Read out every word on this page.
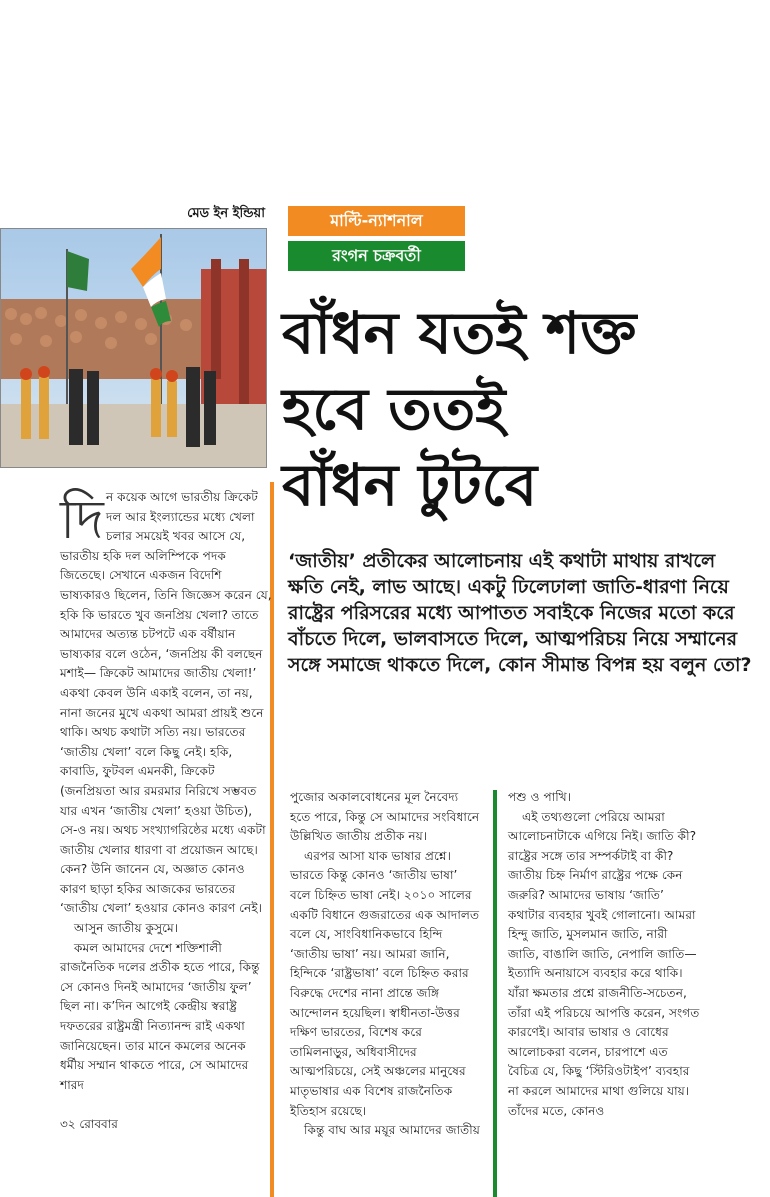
মেড ইন ইন্ডিয়া	মাল্টি-ন্যাশনাল
রংগন চক্রবর্তী
বাঁধন যতই শক্ত
হবে ততই
বাঁধন টুটবে

‘জাতীয়’ প্রতীকের আলোচনায় এই কথাটা মাথায় রাখলে ক্ষতি নেই, লাভ আছে। একটু ঢিলেঢালা জাতি-ধারণা নিয়ে রাষ্ট্রের পরিসরের মধ্যে আপাতত সবাইকে নিজের মতো করে বাঁচতে দিলে, ভালবাসতে দিলে, আত্মপরিচয় নিয়ে সম্মানের সঙ্গে সমাজে থাকতে দিলে, কোন সীমান্ত বিপন্ন হয় বলুন তো?

দি ন কয়েক আগে ভারতীয় ক্রিকেট দল আর ইংল্যান্ডের মধ্যে খেলা চলার সময়েই খবর আসে যে, ভারতীয় হকি দল অলিম্পিকে পদক জিতেছে। সেখানে একজন বিদেশি ভাষ্যকারও ছিলেন, তিনি জিজ্ঞেস করেন যে, হকি কি ভারতে খুব জনপ্রিয় খেলা? তাতে আমাদের অত্যন্ত চটপটে এক বর্ষীয়ান ভাষ্যকার বলে ওঠেন, ‘জনপ্রিয় কী বলছেন মশাই— ক্রিকেট আমাদের জাতীয় খেলা!’ একথা কেবল উনি একাই বলেন, তা নয়, নানা জনের মুখে একথা আমরা প্রায়ই শুনে থাকি। অথচ কথাটা সত্যি নয়। ভারতের ‘জাতীয় খেলা’ বলে কিছু নেই। হকি, কাবাডি, ফুটবল এমনকী, ক্রিকেট (জনপ্রিয়তা আর রমরমার নিরিখে সম্ভবত যার এখন ‘জাতীয় খেলা’ হওয়া উচিত), সে-ও নয়। অথচ সংখ্যাগরিষ্ঠের মধ্যে একটা জাতীয় খেলার ধারণা বা প্রয়োজন আছে। কেন? উনি জানেন যে, অজ্ঞাত কোনও কারণ ছাড়া হকির আজকের ভারতের ‘জাতীয় খেলা’ হওয়ার কোনও কারণ নেই।

আসুন জাতীয় কুসুমে।

কমল আমাদের দেশে শক্তিশালী রাজনৈতিক দলের প্রতীক হতে পারে, কিন্তু সে কোনও দিনই আমাদের ‘জাতীয় ফুল’ ছিল না। ক’দিন আগেই কেন্দ্রীয় স্বরাষ্ট্র দফতরের রাষ্ট্রমন্ত্রী নিত্যানন্দ রাই একথা জানিয়েছেন। তার মানে কমলের অনেক ধর্মীয় সম্মান থাকতে পারে, সে আমাদের শারদ

পুজোর অকালবোধনের মূল নৈবেদ্য হতে পারে, কিন্তু সে আমাদের সংবিধানে উল্লিখিত জাতীয় প্রতীক নয়।

এরপর আসা যাক ভাষার প্রশ্নে। ভারতে কিন্তু কোনও ‘জাতীয় ভাষা’ বলে চিহ্নিত ভাষা নেই। ২০১০ সালের একটি বিধানে গুজরাতের এক আদালত বলে যে, সাংবিধানিকভাবে হিন্দি ‘জাতীয় ভাষা’ নয়। আমরা জানি, হিন্দিকে ‘রাষ্ট্রভাষা’ বলে চিহ্নিত করার বিরুদ্ধে দেশের নানা প্রান্তে জঙ্গি আন্দোলন হয়েছিল। স্বাধীনতা-উত্তর দক্ষিণ ভারতের, বিশেষ করে তামিলনাড়ুর, অধিবাসীদের আত্মপরিচয়ে, সেই অঞ্চলের মানুষের মাতৃভাষার এক বিশেষ রাজনৈতিক ইতিহাস রয়েছে।

কিন্তু বাঘ আর ময়ূর আমাদের জাতীয়

পশু ও পাখি।

এই তথ্যগুলো পেরিয়ে আমরা আলোচনাটাকে এগিয়ে নিই। জাতি কী? রাষ্ট্রের সঙ্গে তার সম্পর্কটাই বা কী? জাতীয় চিহ্ন নির্মাণ রাষ্ট্রের পক্ষে কেন জরুরি? আমাদের ভাষায় ‘জাতি’ কথাটার ব্যবহার খুবই গোলানো। আমরা হিন্দু জাতি, মুসলমান জাতি, নারী জাতি, বাঙালি জাতি, নেপালি জাতি— ইত্যাদি অনায়াসে ব্যবহার করে থাকি। যাঁরা ক্ষমতার প্রশ্নে রাজনীতি-সচেতন, তাঁরা এই পরিচয়ে আপত্তি করেন, সংগত কারণেই। আবার ভাষার ও বোধের আলোচকরা বলেন, চারপাশে এত বৈচিত্র যে, কিছু ‘স্টিরিওটাইপ’ ব্যবহার না করলে আমাদের মাথা গুলিয়ে যায়। তাঁদের মতে, কোনও

৩২ রোববার
